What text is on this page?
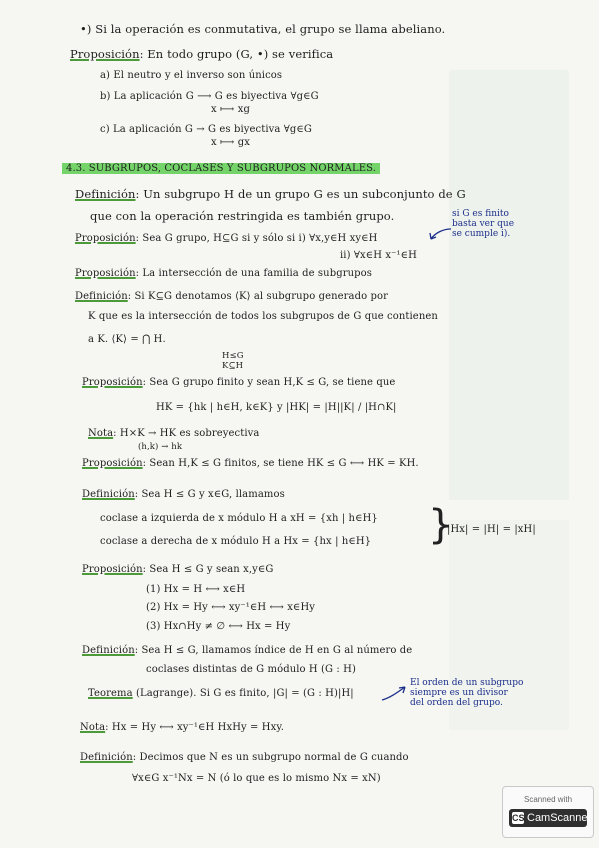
•) Si la operación es conmutativa, el grupo se llama abeliano.
Proposición: En todo grupo (G, •) se verifica
a) El neutro y el inverso son únicos
b) La aplicación G ⟶ G es biyectiva ∀g∈G
x ⟼ xg
c) La aplicación G → G es biyectiva ∀g∈G
x ⟼ gx
4.3. SUBGRUPOS, COCLASES Y SUBGRUPOS NORMALES.
Definición: Un subgrupo H de un grupo G es un subconjunto de G
que con la operación restringida es también grupo.	si G es finito
basta ver que
se cumple i).
Proposición: Sea G grupo, H⊆G si y sólo si i) ∀x,y∈H xy∈H
ii) ∀x∈H x⁻¹∈H
Proposición: La intersección de una familia de subgrupos
Definición: Si K⊆G denotamos ⟨K⟩ al subgrupo generado por
K que es la intersección de todos los subgrupos de G que contienen
a K. ⟨K⟩ = ⋂ H.
H≤G
K⊆H
Proposición: Sea G grupo finito y sean H,K ≤ G, se tiene que
HK = {hk | h∈H, k∈K} y |HK| = |H||K| / |H∩K|
Nota: H×K → HK es sobreyectiva
(h,k) → hk
Proposición: Sean H,K ≤ G finitos, se tiene HK ≤ G ⟷ HK = KH.
Definición: Sea H ≤ G y x∈G, llamamos
coclase a izquierda de x módulo H a xH = {xh | h∈H}
coclase a derecha de x módulo H a Hx = {hx | h∈H} }
|Hx| = |H| = |xH|
Proposición: Sea H ≤ G y sean x,y∈G
(1) Hx = H ⟷ x∈H
(2) Hx = Hy ⟷ xy⁻¹∈H ⟷ x∈Hy
(3) Hx∩Hy ≠ ∅ ⟷ Hx = Hy
Definición: Sea H ≤ G, llamamos índice de H en G al número de
coclases distintas de G módulo H (G : H)
Teorema (Lagrange). Si G es finito, |G| = (G : H)|H|
El orden de un subgrupo
siempre es un divisor
del orden del grupo.
Nota: Hx = Hy ⟷ xy⁻¹∈H HxHy = Hxy.
Definición: Decimos que N es un subgrupo normal de G cuando
∀x∈G x⁻¹Nx = N (ó lo que es lo mismo Nx = xN)
Scanned with
CS CamScanner
